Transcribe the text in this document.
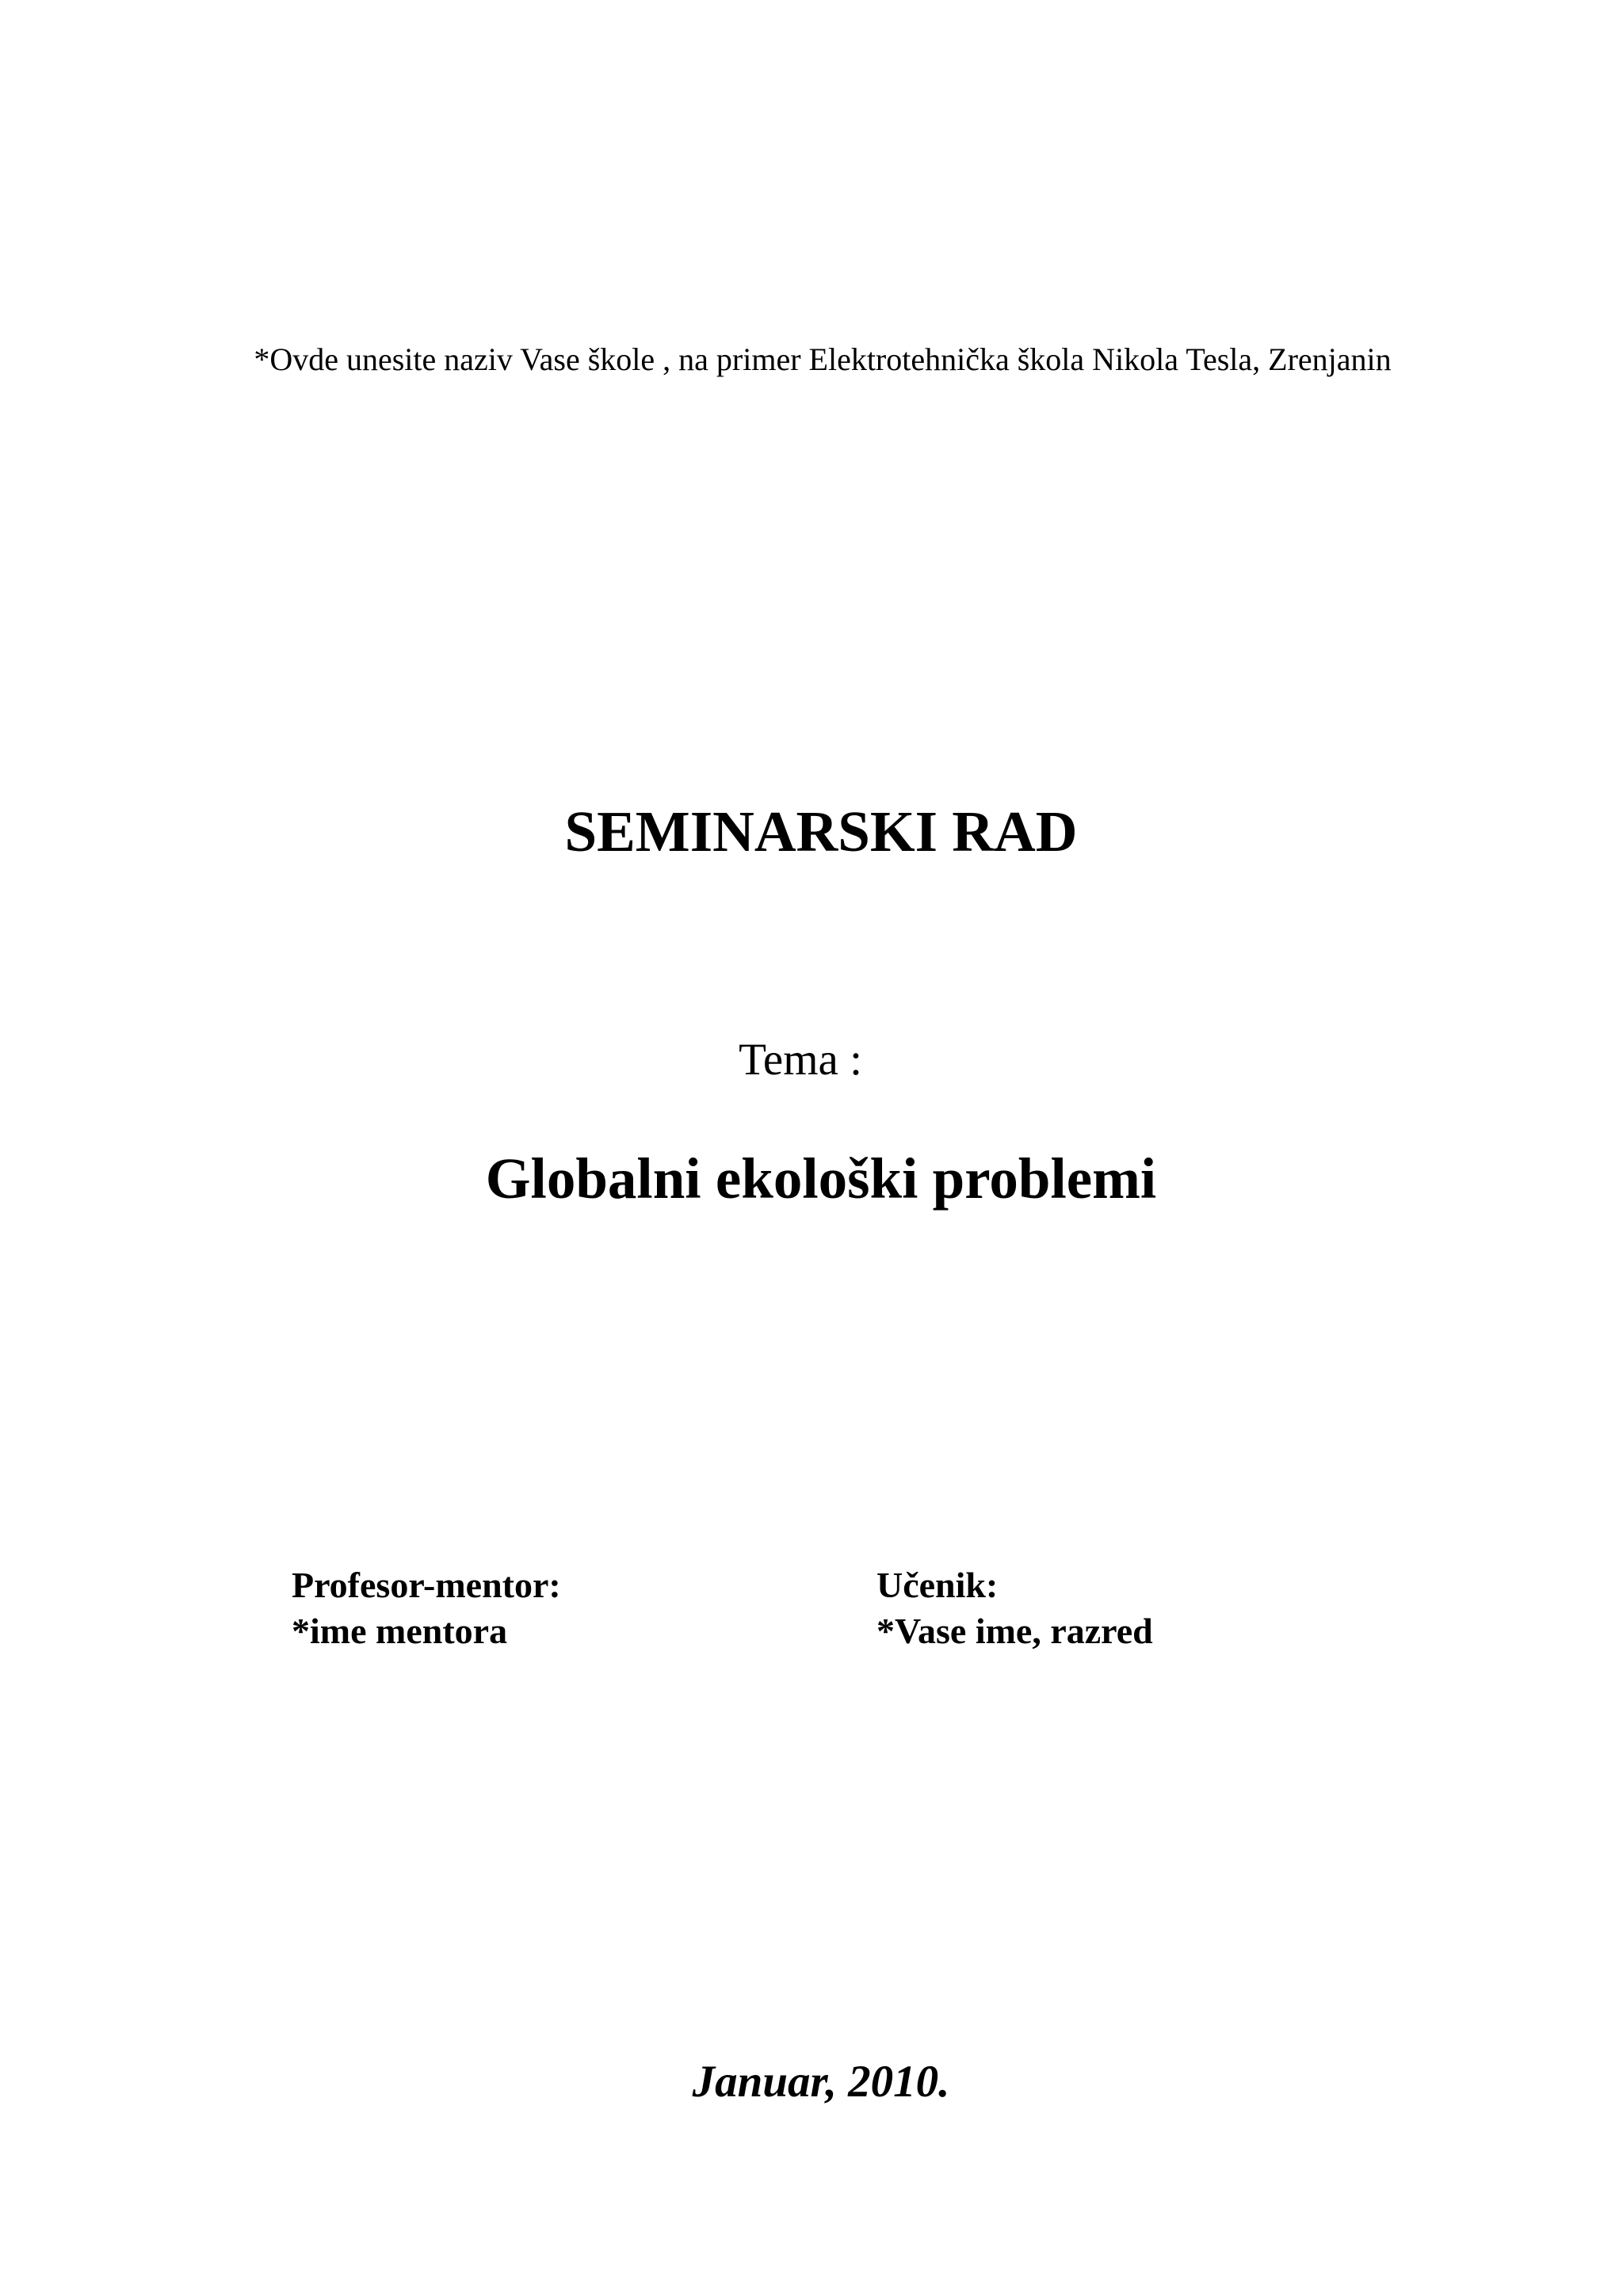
*Ovde unesite naziv Vase škole , na primer Elektrotehnička škola Nikola Tesla, Zrenjanin

SEMINARSKI RAD

Tema :

Globalni ekološki problemi
Profesor-mentor:
*ime mentora
Učenik:
*Vase ime, razred

Januar, 2010.
